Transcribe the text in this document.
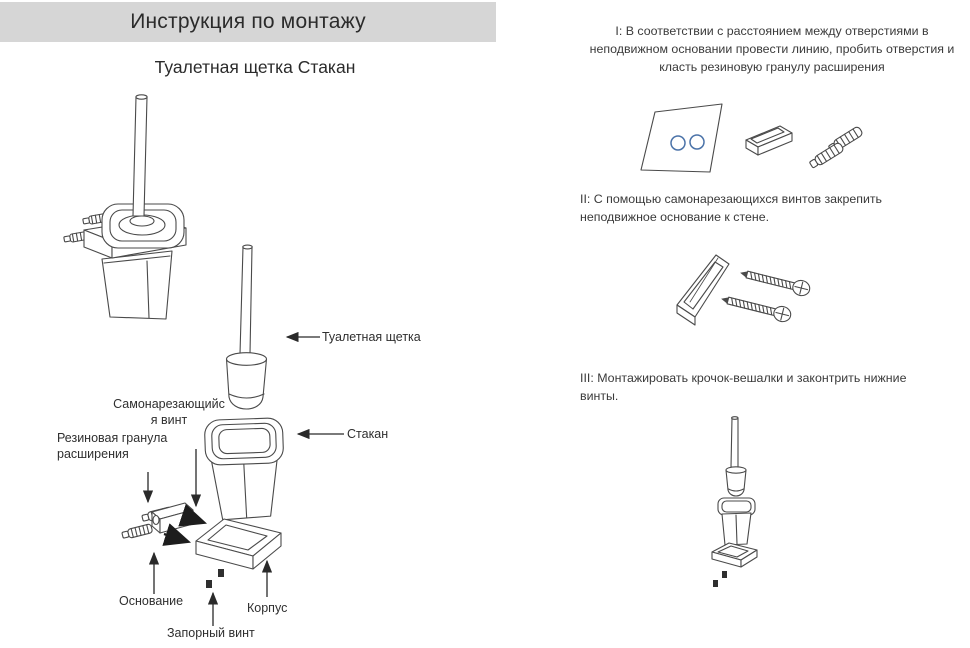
Инструкция по монтажу
Туалетная щетка Стакан
Туалетная щетка
Стакан
Самонарезающийс
я винт
Резиновая гранула расширения
Основание	Корпус
Запорный винт
I: В соответствии с расстоянием между отверстиями в неподвижном основании провести линию, пробить отверстия и класть резиновую гранулу расширения
II: С помощью самонарезающихся винтов закрепить неподвижное основание к стене.
III: Монтажировать крочок-вешалки и законтрить нижние винты.
